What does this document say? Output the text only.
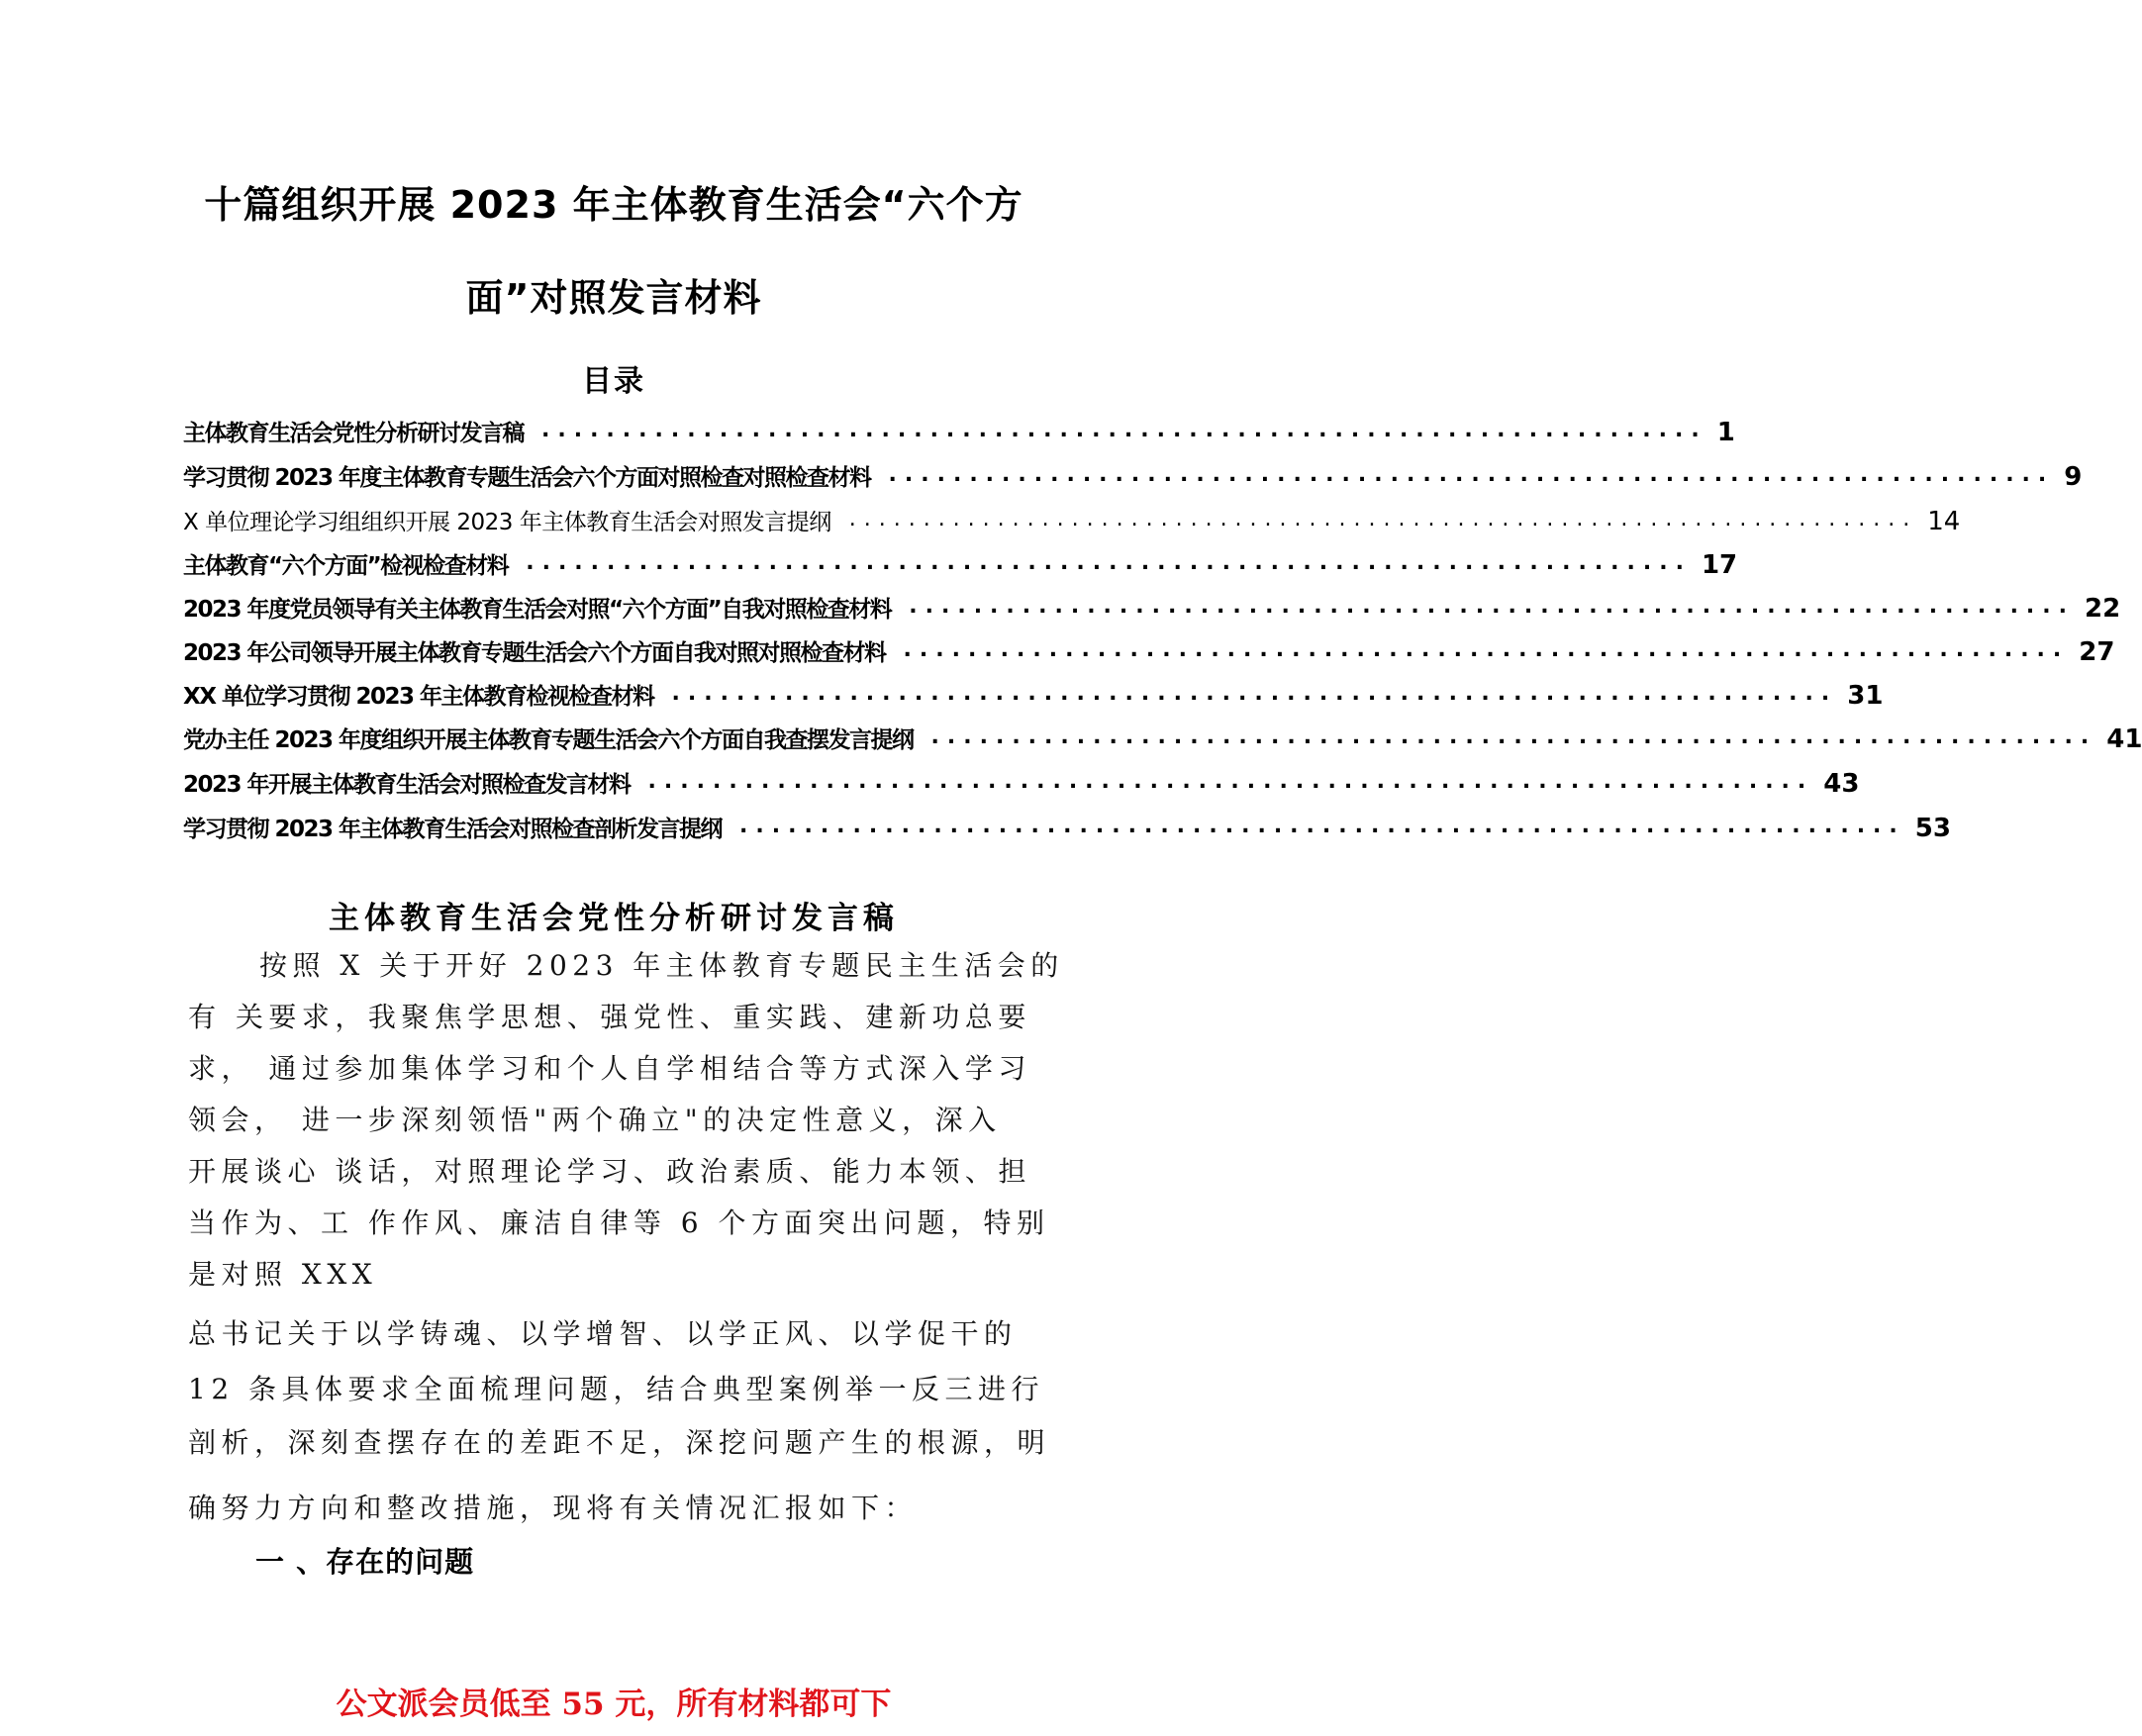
十篇组织开展 2023 年主体教育生活会“六个方
面”对照发言材料
目录
主体教育生活会党性分析研讨发言稿 ........................................................................ 1
学习贯彻 2023 年度主体教育专题生活会六个方面对照检查对照检查材料 ........................................................................ 9
X 单位理论学习组组织开展 2023 年主体教育生活会对照发言提纲 ........................................................................ 14
主体教育“六个方面”检视检查材料 ........................................................................ 17
2023 年度党员领导有关主体教育生活会对照“六个方面”自我对照检查材料 ........................................................................ 22
2023 年公司领导开展主体教育专题生活会六个方面自我对照对照检查材料 ........................................................................ 27
XX 单位学习贯彻 2023 年主体教育检视检查材料 ........................................................................ 31
党办主任 2023 年度组织开展主体教育专题生活会六个方面自我查摆发言提纲 ........................................................................ 41
2023 年开展主体教育生活会对照检查发言材料 ........................................................................ 43
学习贯彻 2023 年主体教育生活会对照检查剖析发言提纲 ........................................................................ 53
主体教育生活会党性分析研讨发言稿
按照 X 关于开好 2023 年主体教育专题民主生活会的
有 关要求，我聚焦学思想、强党性、重实践、建新功总要
求， 通过参加集体学习和个人自学相结合等方式深入学习
领会， 进一步深刻领悟"两个确立"的决定性意义，深入
开展谈心 谈话，对照理论学习、政治素质、能力本领、担
当作为、工 作作风、廉洁自律等 6 个方面突出问题，特别
是对照 XXX
总书记关于以学铸魂、以学增智、以学正风、以学促干的
12 条具体要求全面梳理问题，结合典型案例举一反三进行
剖析，深刻查摆存在的差距不足，深挖问题产生的根源，明
确努力方向和整改措施，现将有关情况汇报如下：
一 、存在的问题
公文派会员低至 55 元，所有材料都可下
